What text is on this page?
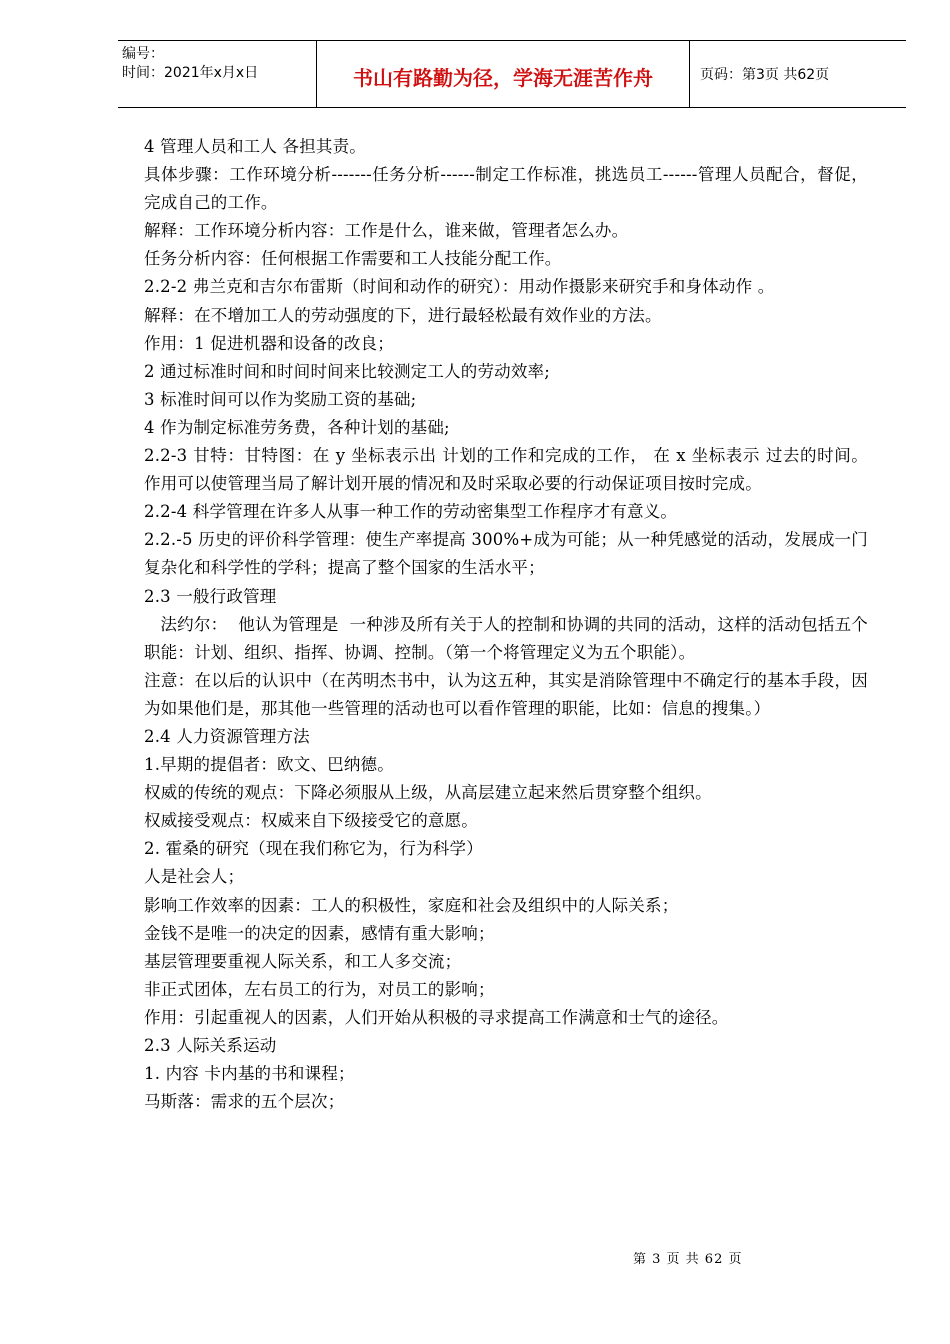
编号：
时间：2021年x月x日	书山有路勤为径，学海无涯苦作舟	页码：第3页 共62页

4 管理人员和工人 各担其责。

具体步骤：工作环境分析-------任务分析------制定工作标准，挑选员工------管理人员配合，督促，完成自己的工作。

解释：工作环境分析内容：工作是什么，谁来做，管理者怎么办。

任务分析内容：任何根据工作需要和工人技能分配工作。

2.2-2 弗兰克和吉尔布雷斯（时间和动作的研究）：用动作摄影来研究手和身体动作 。

解释：在不增加工人的劳动强度的下，进行最轻松最有效作业的方法。

作用：1 促进机器和设备的改良；

2 通过标准时间和时间时间来比较测定工人的劳动效率;

3 标准时间可以作为奖励工资的基础;

4 作为制定标准劳务费，各种计划的基础;

2.2-3 甘特：甘特图：在 y 坐标表示出 计划的工作和完成的工作， 在 x 坐标表示 过去的时间。 作用可以使管理当局了解计划开展的情况和及时采取必要的行动保证项目按时完成。

2.2-4 科学管理在许多人从事一种工作的劳动密集型工作程序才有意义。

2.2.-5 历史的评价科学管理：使生产率提高 300%+成为可能；从一种凭感觉的活动，发展成一门复杂化和科学性的学科；提高了整个国家的生活水平；

2.3 一般行政管理

法约尔：  他认为管理是  一种涉及所有关于人的控制和协调的共同的活动，这样的活动包括五个职能：计划、组织、指挥、协调、控制。（第一个将管理定义为五个职能）。

注意：在以后的认识中（在芮明杰书中，认为这五种，其实是消除管理中不确定行的基本手段，因为如果他们是，那其他一些管理的活动也可以看作管理的职能，比如：信息的搜集。）

2.4 人力资源管理方法

1.早期的提倡者：欧文、巴纳德。

权威的传统的观点：下降必须服从上级，从高层建立起来然后贯穿整个组织。

权威接受观点：权威来自下级接受它的意愿。

2. 霍桑的研究（现在我们称它为，行为科学）

人是社会人；

影响工作效率的因素：工人的积极性，家庭和社会及组织中的人际关系；

金钱不是唯一的决定的因素，感情有重大影响；

基层管理要重视人际关系，和工人多交流；

非正式团体，左右员工的行为，对员工的影响；

作用：引起重视人的因素，人们开始从积极的寻求提高工作满意和士气的途径。

2.3 人际关系运动

1. 内容 卡内基的书和课程；

马斯落：需求的五个层次；

第 3 页 共 62 页
